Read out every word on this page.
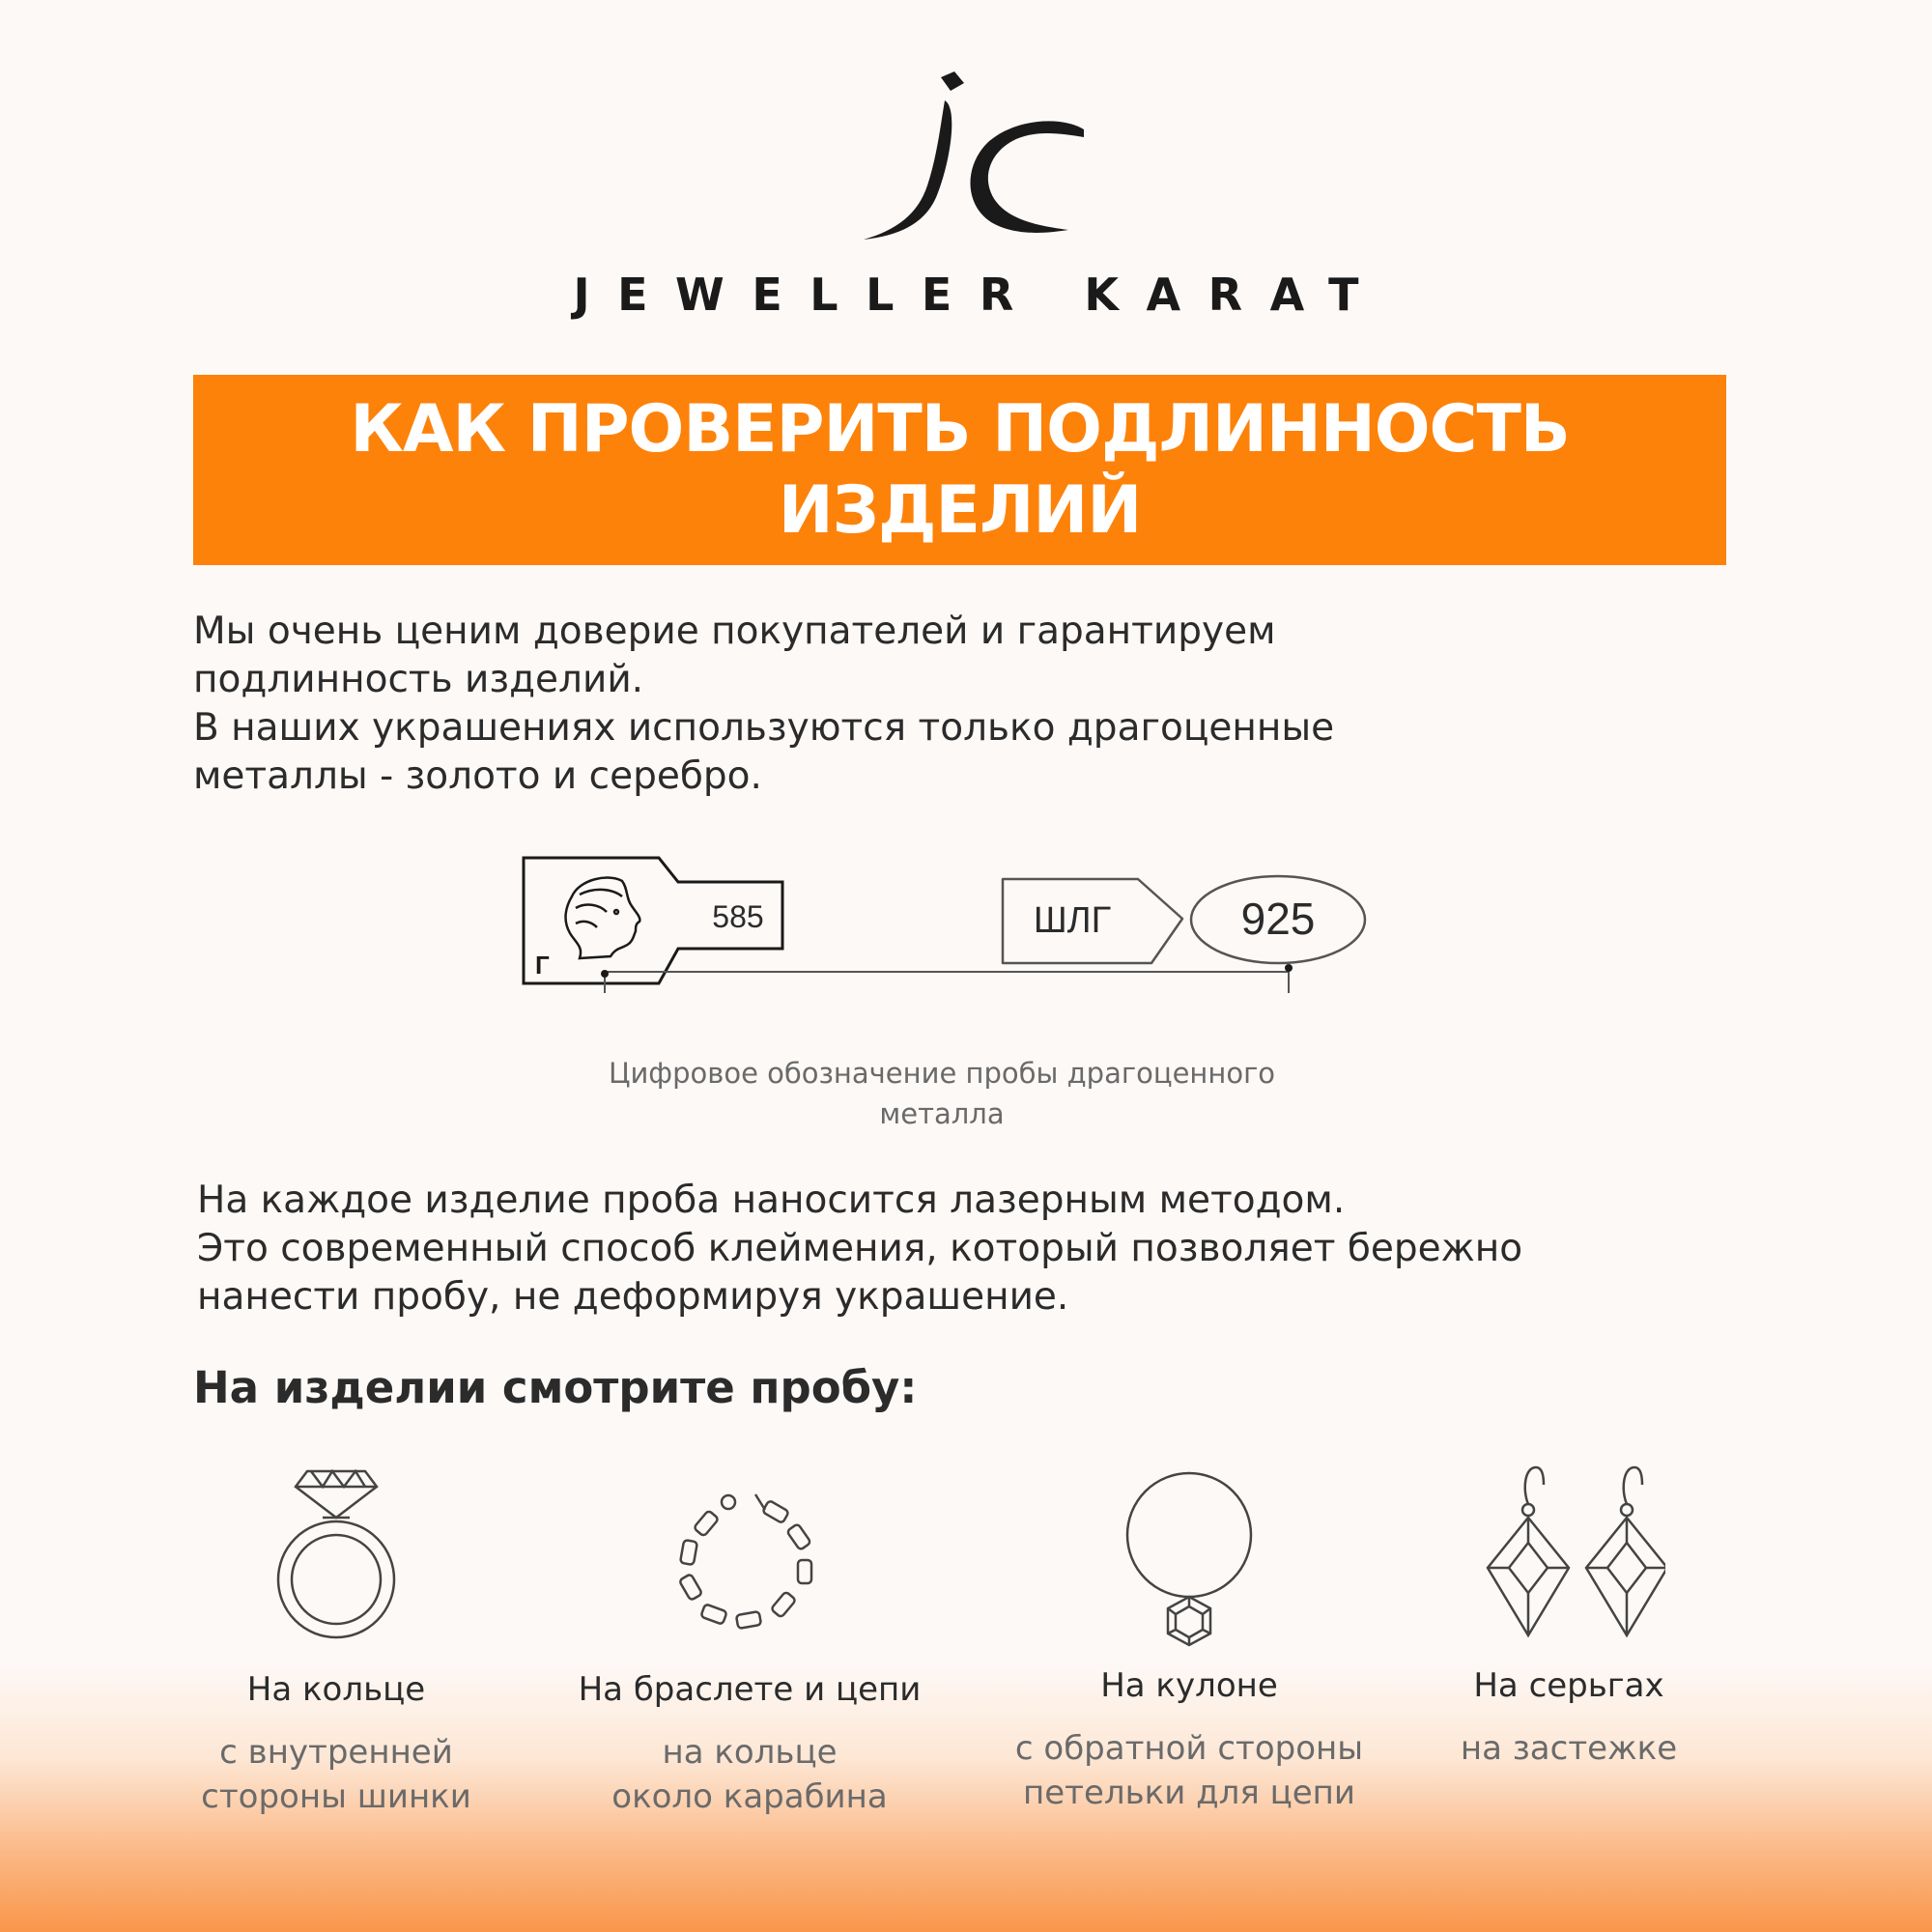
JEWELLER KARAT
КАК ПРОВЕРИТЬ ПОДЛИННОСТЬ
ИЗДЕЛИЙ
Мы очень ценим доверие покупателей и гарантируем
подлинность изделий.
В наших украшениях используются только драгоценные
металлы - золото и серебро.
Г
585	ШЛГ	925
Цифровое обозначение пробы драгоценного
металла
На каждое изделие проба наносится лазерным методом.
Это современный способ клеймения, который позволяет бережно
нанести пробу, не деформируя украшение.
На изделии смотрите пробу:
На кольце
с внутренней
стороны шинки
На браслете и цепи
на кольце
около карабина
На кулоне
с обратной стороны
петельки для цепи
На серьгах
на застежке
